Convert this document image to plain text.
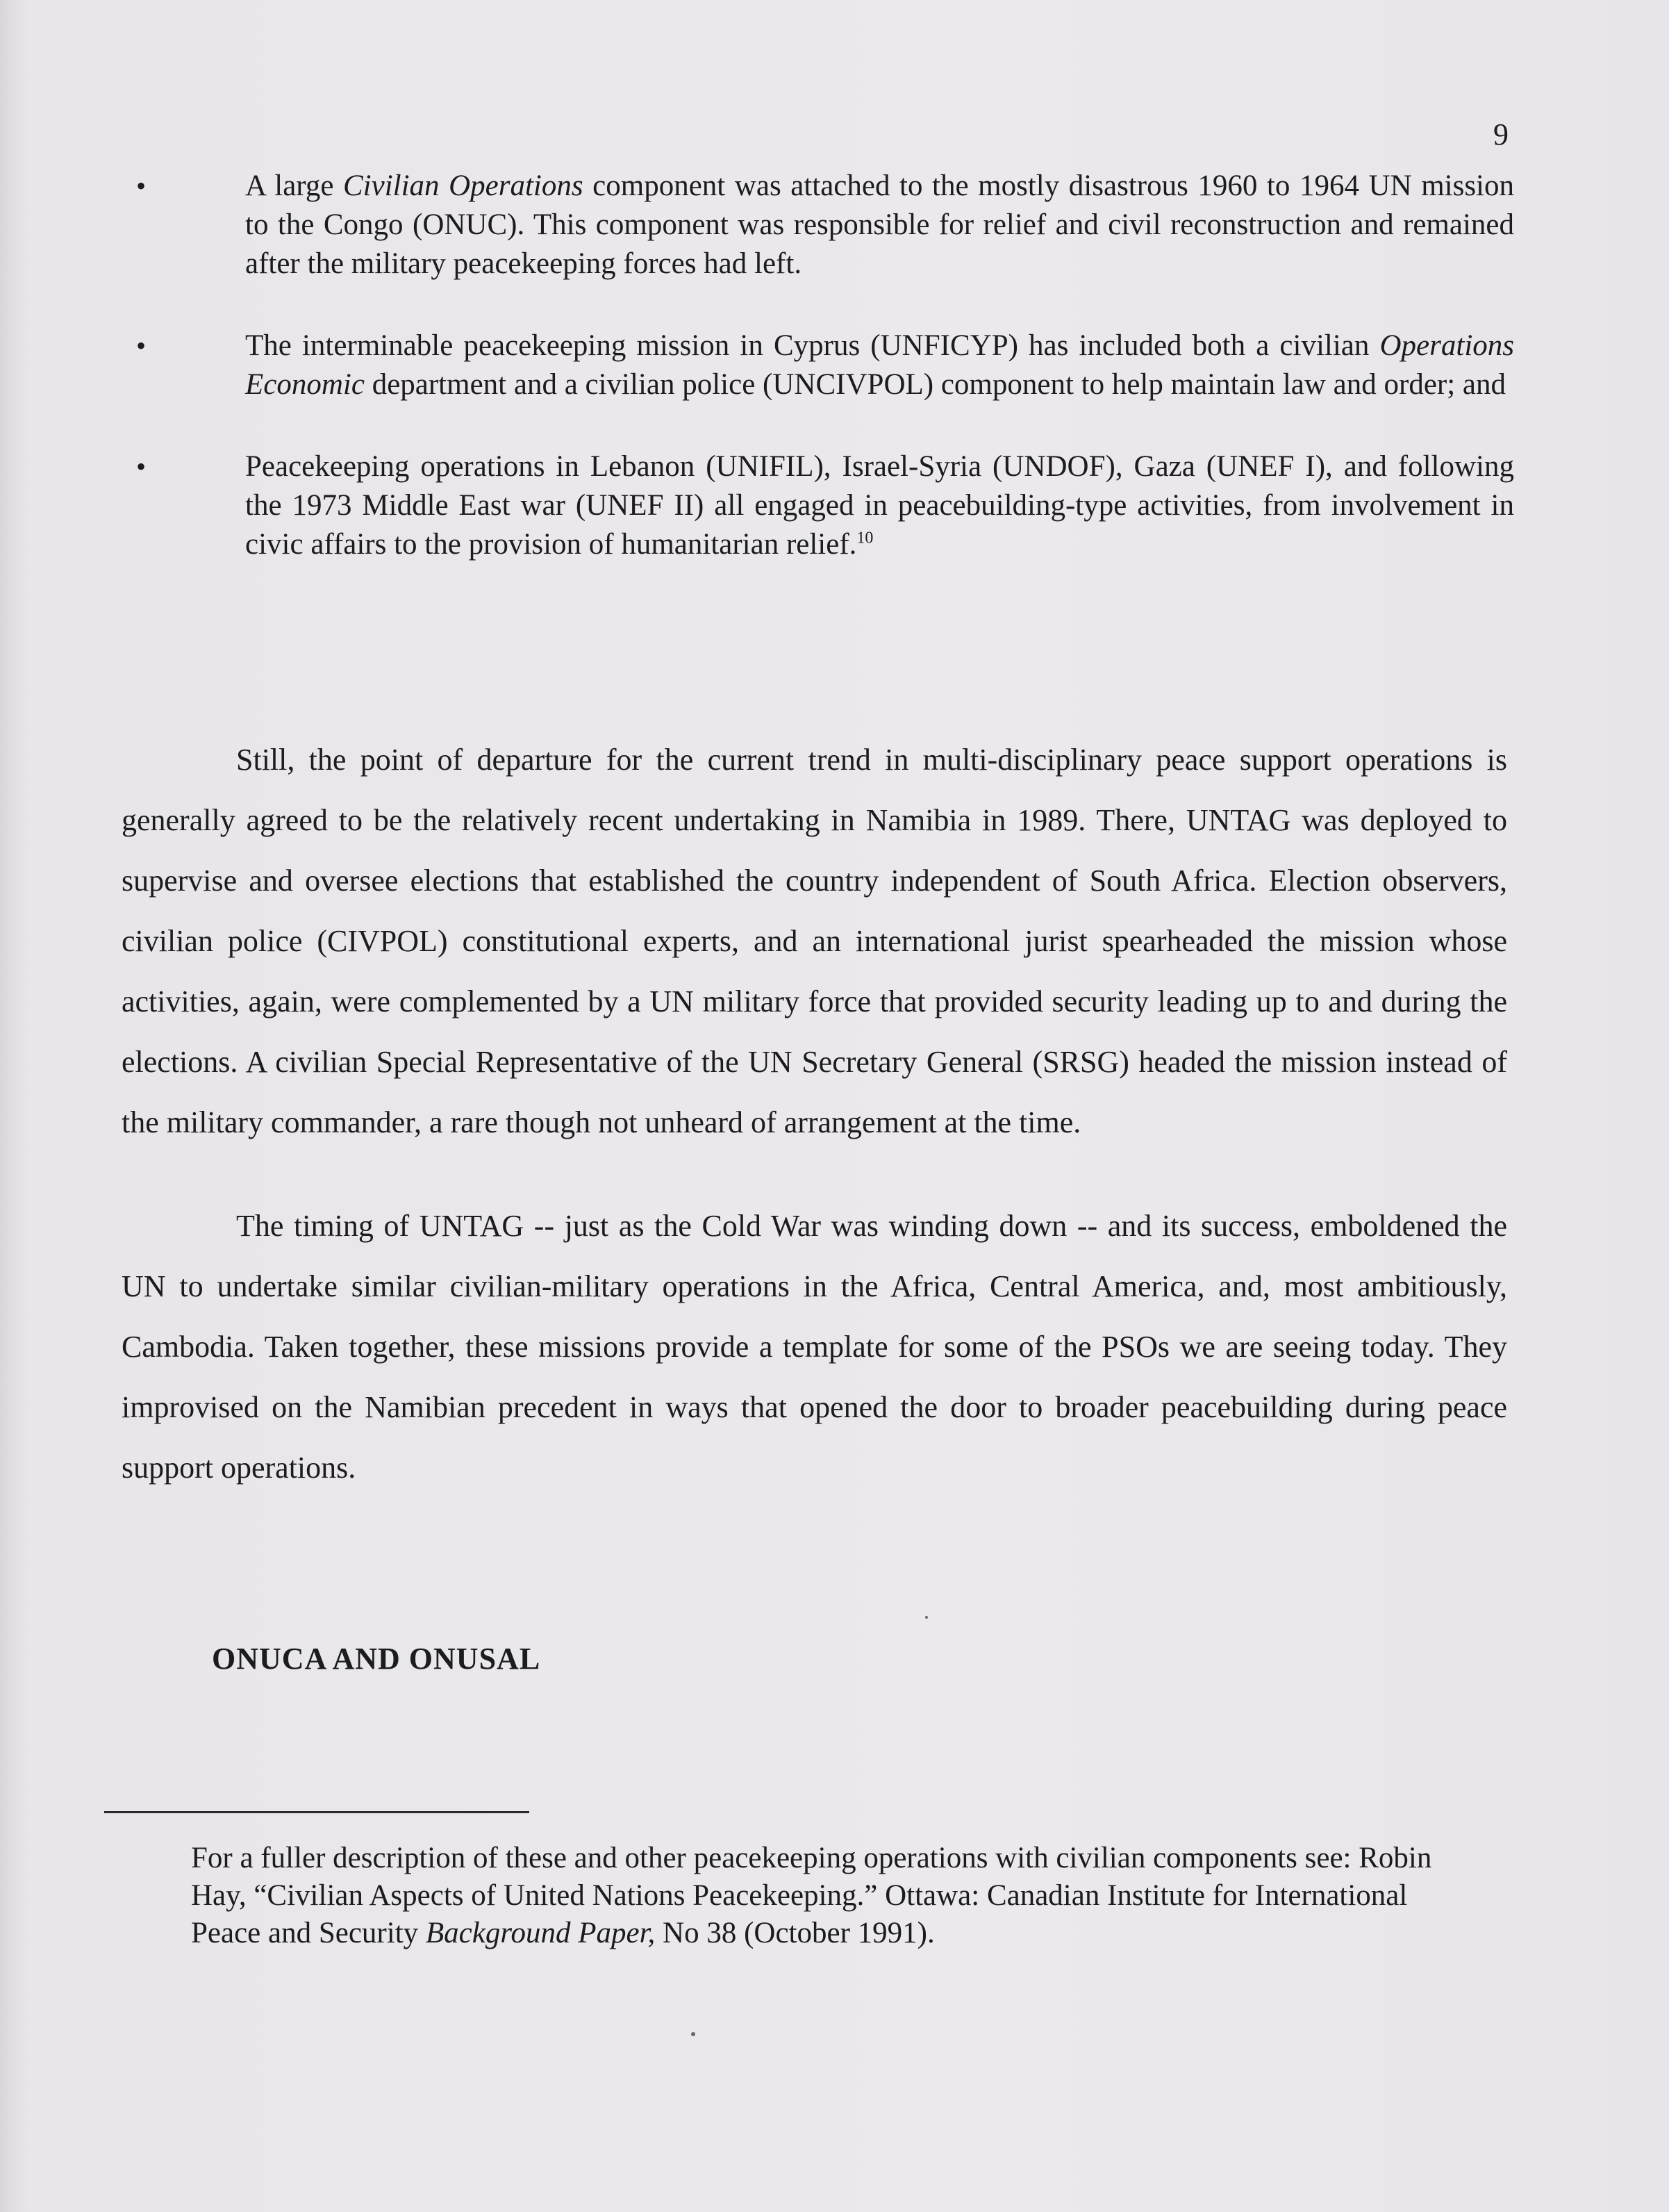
9
•	A large Civilian Operations component was attached to the mostly disastrous 1960 to 1964 UN mission to the Congo (ONUC). This component was responsible for relief and civil reconstruction and remained after the military peacekeeping forces had left.
•	The interminable peacekeeping mission in Cyprus (UNFICYP) has included both a civilian Operations Economic department and a civilian police (UNCIVPOL) component to help maintain law and order; and
•	Peacekeeping operations in Lebanon (UNIFIL), Israel-Syria (UNDOF), Gaza (UNEF I), and following the 1973 Middle East war (UNEF II) all engaged in peacebuilding-type activities, from involvement in civic affairs to the provision of humanitarian relief.$^{10}$

Still, the point of departure for the current trend in multi-disciplinary peace support operations is generally agreed to be the relatively recent undertaking in Namibia in 1989. There, UNTAG was deployed to supervise and oversee elections that established the country independent of South Africa. Election observers, civilian police (CIVPOL) constitutional experts, and an international jurist spearheaded the mission whose activities, again, were complemented by a UN military force that provided security leading up to and during the elections. A civilian Special Representative of the UN Secretary General (SRSG) headed the mission instead of the military commander, a rare though not unheard of arrangement at the time.

The timing of UNTAG -- just as the Cold War was winding down -- and its success, emboldened the UN to undertake similar civilian-military operations in the Africa, Central America, and, most ambitiously, Cambodia. Taken together, these missions provide a template for some of the PSOs we are seeing today. They improvised on the Namibian precedent in ways that opened the door to broader peacebuilding during peace support operations.

ONUCA AND ONUSAL
For a fuller description of these and other peacekeeping operations with civilian components see: Robin Hay, “Civilian Aspects of United Nations Peacekeeping.” Ottawa: Canadian Institute for International Peace and Security Background Paper, No 38 (October 1991).
